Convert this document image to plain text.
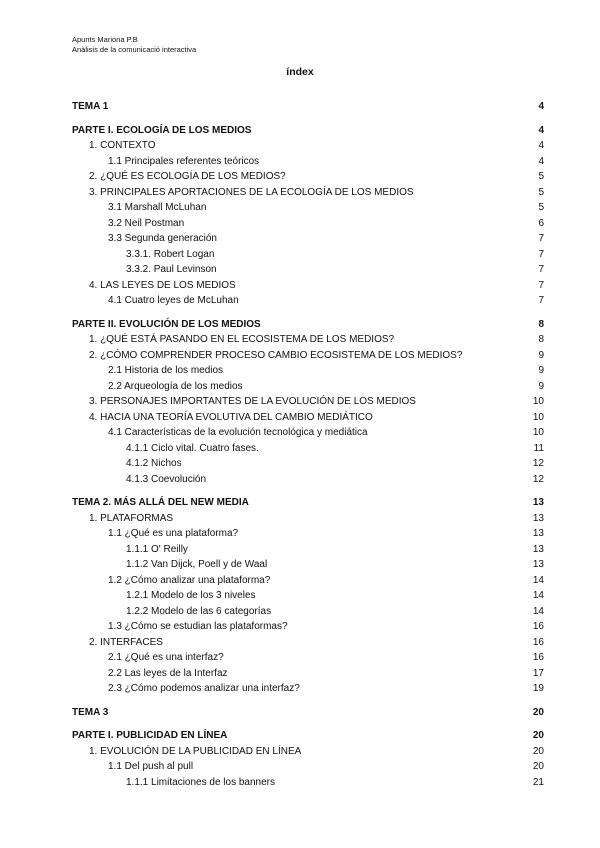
Apunts Mariona P.B
Anàlisis de la comunicació interactiva
índex
TEMA 1	4
PARTE I. ECOLOGÍA DE LOS MEDIOS	4
1. CONTEXTO	4
1.1 Principales referentes teóricos	4
2. ¿QUÉ ES ECOLOGÍA DE LOS MEDIOS?	5
3. PRINCIPALES APORTACIONES DE LA ECOLOGÍA DE LOS MEDIOS	5
3.1 Marshall McLuhan	5
3.2 Neil Postman	6
3.3 Segunda generación	7
3.3.1. Robert Logan	7
3.3.2. Paul Levinson	7
4. LAS LEYES DE LOS MEDIOS	7
4.1 Cuatro leyes de McLuhan	7
PARTE II. EVOLUCIÓN DE LOS MEDIOS	8
1. ¿QUÉ ESTÁ PASANDO EN EL ECOSISTEMA DE LOS MEDIOS?	8
2. ¿CÓMO COMPRENDER PROCESO CAMBIO ECOSISTEMA DE LOS MEDIOS?	9
2.1 Historia de los medios	9
2.2 Arqueología de los medios	9
3. PERSONAJES IMPORTANTES DE LA EVOLUCIÓN DE LOS MEDIOS	10
4. HACIA UNA TEORÍA EVOLUTIVA DEL CAMBIO MEDIÁTICO	10
4.1 Características de la evolución tecnológica y mediática	10
4.1.1 Ciclo vital. Cuatro fases.	11
4.1.2 Nichos	12
4.1.3 Coevolución	12
TEMA 2. MÁS ALLÁ DEL NEW MEDIA	13
1. PLATAFORMAS	13
1.1 ¿Qué es una plataforma?	13
1.1.1 O' Reilly	13
1.1.2 Van Dijck, Poell y de Waal	13
1.2 ¿Cómo analizar una plataforma?	14
1.2.1 Modelo de los 3 niveles	14
1.2.2 Modelo de las 6 categorías	14
1.3 ¿Cómo se estudian las plataformas?	16
2. INTERFACES	16
2.1 ¿Qué es una interfaz?	16
2.2 Las leyes de la Interfaz	17
2.3 ¿Cómo podemos analizar una interfaz?	19
TEMA 3	20
PARTE I. PUBLICIDAD EN LÍNEA	20
1. EVOLUCIÓN DE LA PUBLICIDAD EN LÍNEA	20
1.1 Del push al pull	20
1.1.1 Limitaciones de los banners	21
